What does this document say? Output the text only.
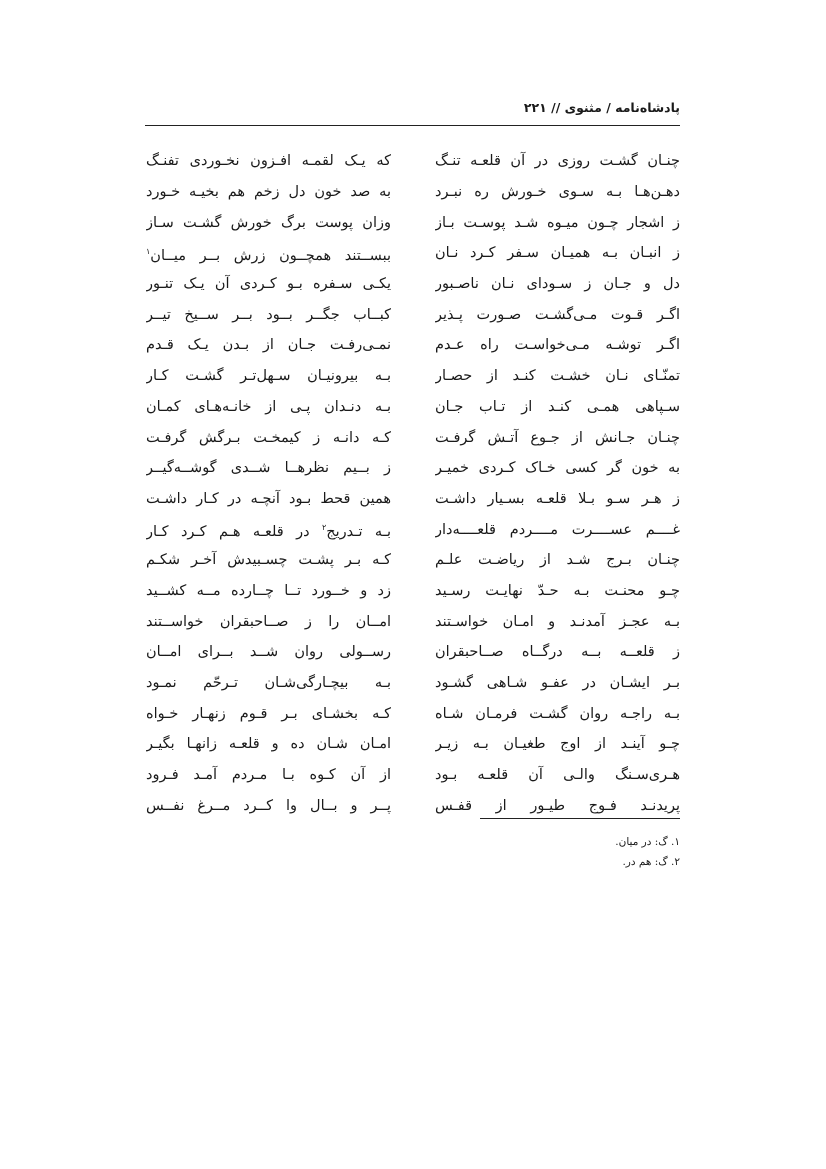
پادشاه‌نامه / مثنوی // ۲۲۱
چنـان گشـت روزی در آن قلعـه تنـگ
که یـک لقمـه افـزون نخـوردی تفنـگ
دهـن‌هـا بـه سـوی خـورش ره نبـرد
به صد خون دل زخم هم بخیـه خـورد
ز اشجار چـون میـوه شـد پوسـت بـاز
وزان پوست برگ خورش گشـت سـاز
ز انبـان بـه همیـان سـفر کـرد نـان
ببســتند همچــون زرش بــر میــان$^۱$
دل و جـان ز سـودای نـان ناصـبور
یکـی سـفره بـو کـردی آن یـک تنـور
اگـر قـوت مـی‌گشـت صـورت پـذیر
کبــاب جگــر بــود بــر ســیخ تیــر
اگـر توشـه مـی‌خواسـت راه عـدم
نمـی‌رفـت جـان از بـدن یـک قـدم
تمنّـای نـان خشـت کنـد از حصـار
بـه بیرونیـان سـهل‌تـر گشـت کـار
سـپاهی همـی کنـد از تـاب جـان
بـه دنـدان پـی از خانـه‌هـای کمـان
چنـان جـانش از جـوع آتـش گرفـت
کـه دانـه ز کیمخـت بـرگش گرفـت
به خون گر کسی خـاک کـردی خمیـر
ز بــیم نظرهــا شــدی گوشــه‌گیــر
ز هـر سـو بـلا قلعـه بسـیار داشـت
همین قحط بـود آنچـه در کـار داشـت
غــــم عســــرت مــــردم قلعــــه‌دار
بـه تـدریج$^۲$ در قلعـه هـم کـرد کـار
چنـان بـرج شـد از ریاضـت علـم
کـه بـر پشـت چسـبیدش آخـر شکـم
چـو محنـت بـه حـدّ نهایـت رسـید
زد و خــورد تــا چــارده مــه کشــید
بـه عجـز آمدنـد و امـان خواسـتند
امــان را ز صــاحبقران خواســتند
ز قلعــه بــه درگــاه صــاحبقران
رســولی روان شــد بــرای امــان
بـر ایشـان در عفـو شـاهی گشـود
بـه بیچـارگی‌شـان تـرحّم نمـود
بـه راجـه روان گشـت فرمـان شـاه
کـه بخشـای بـر قـوم زنهـار خـواه
چـو آینـد از اوج طغیـان بـه زیـر
امـان شـان ده و قلعـه زانهـا بگیـر
هـری‌سـنگ والـی آن قلعـه بـود
از آن کـوه بـا مـردم آمـد فـرود
پریدنـد فـوج طیـور از قفـس
پــر و بــال وا کــرد مــرغ نفــس
۱. گ: در میان.
۲. گ: هم در.
